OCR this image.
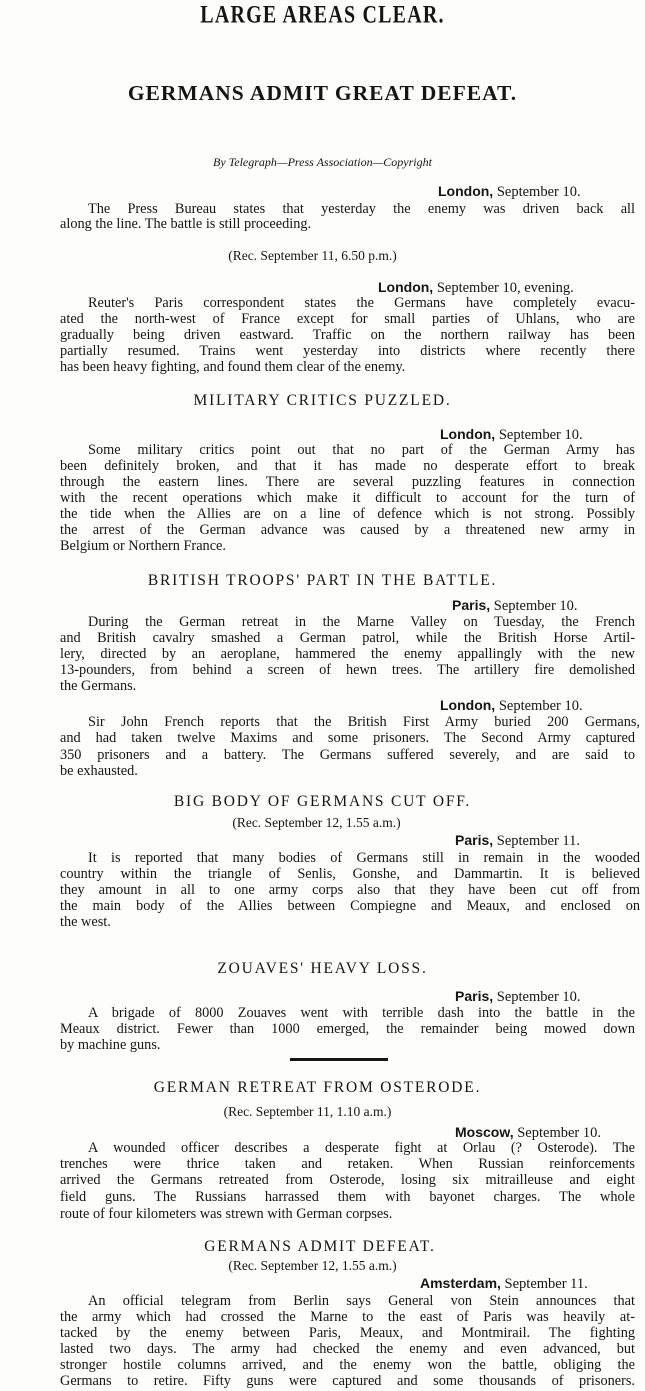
LARGE AREAS CLEAR.
GERMANS ADMIT GREAT DEFEAT.
By Telegraph—Press Association—Copyright
London, September 10.
The Press Bureau states that yesterday the enemy was driven back all
along the line. The battle is still proceeding.
(Rec. September 11, 6.50 p.m.)
London, September 10, evening.
Reuter's Paris correspondent states the Germans have completely evacu-
ated the north-west of France except for small parties of Uhlans, who are
gradually being driven eastward. Traffic on the northern railway has been
partially resumed. Trains went yesterday into districts where recently there
has been heavy fighting, and found them clear of the enemy.
MILITARY CRITICS PUZZLED.
London, September 10.
Some military critics point out that no part of the German Army has
been definitely broken, and that it has made no desperate effort to break
through the eastern lines. There are several puzzling features in connection
with the recent operations which make it difficult to account for the turn of
the tide when the Allies are on a line of defence which is not strong. Possibly
the arrest of the German advance was caused by a threatened new army in
Belgium or Northern France.
BRITISH TROOPS' PART IN THE BATTLE.
Paris, September 10.
During the German retreat in the Marne Valley on Tuesday, the French
and British cavalry smashed a German patrol, while the British Horse Artil-
lery, directed by an aeroplane, hammered the enemy appallingly with the new
13-pounders, from behind a screen of hewn trees. The artillery fire demolished
the Germans.
London, September 10.
Sir John French reports that the British First Army buried 200 Germans,
and had taken twelve Maxims and some prisoners. The Second Army captured
350 prisoners and a battery. The Germans suffered severely, and are said to
be exhausted.
BIG BODY OF GERMANS CUT OFF.
(Rec. September 12, 1.55 a.m.)
Paris, September 11.
It is reported that many bodies of Germans still in remain in the wooded
country within the triangle of Senlis, Gonshe, and Dammartin. It is believed
they amount in all to one army corps also that they have been cut off from
the main body of the Allies between Compiegne and Meaux, and enclosed on
the west.
ZOUAVES' HEAVY LOSS.
Paris, September 10.
A brigade of 8000 Zouaves went with terrible dash into the battle in the
Meaux district. Fewer than 1000 emerged, the remainder being mowed down
by machine guns.
GERMAN RETREAT FROM OSTERODE.
(Rec. September 11, 1.10 a.m.)
Moscow, September 10.
A wounded officer describes a desperate fight at Orlau (? Osterode). The
trenches were thrice taken and retaken. When Russian reinforcements
arrived the Germans retreated from Osterode, losing six mitrailleuse and eight
field guns. The Russians harrassed them with bayonet charges. The whole
route of four kilometers was strewn with German corpses.
GERMANS ADMIT DEFEAT.
(Rec. September 12, 1.55 a.m.)
Amsterdam, September 11.
An official telegram from Berlin says General von Stein announces that
the army which had crossed the Marne to the east of Paris was heavily at-
tacked by the enemy between Paris, Meaux, and Montmirail. The fighting
lasted two days. The army had checked the enemy and even advanced, but
stronger hostile columns arrived, and the enemy won the battle, obliging the
Germans to retire. Fifty guns were captured and some thousands of prisoners.
